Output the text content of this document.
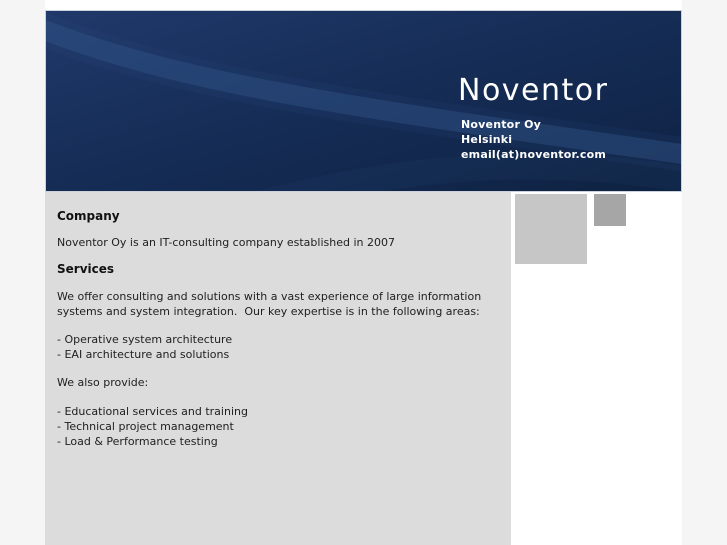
Noventor
Noventor Oy
Helsinki
email(at)noventor.com
Company
Noventor Oy is an IT-consulting company established in 2007
Services
We offer consulting and solutions with a vast experience of large information
systems and system integration.  Our key expertise is in the following areas:
- Operative system architecture
- EAI architecture and solutions
We also provide:
- Educational services and training
- Technical project management
- Load & Performance testing
